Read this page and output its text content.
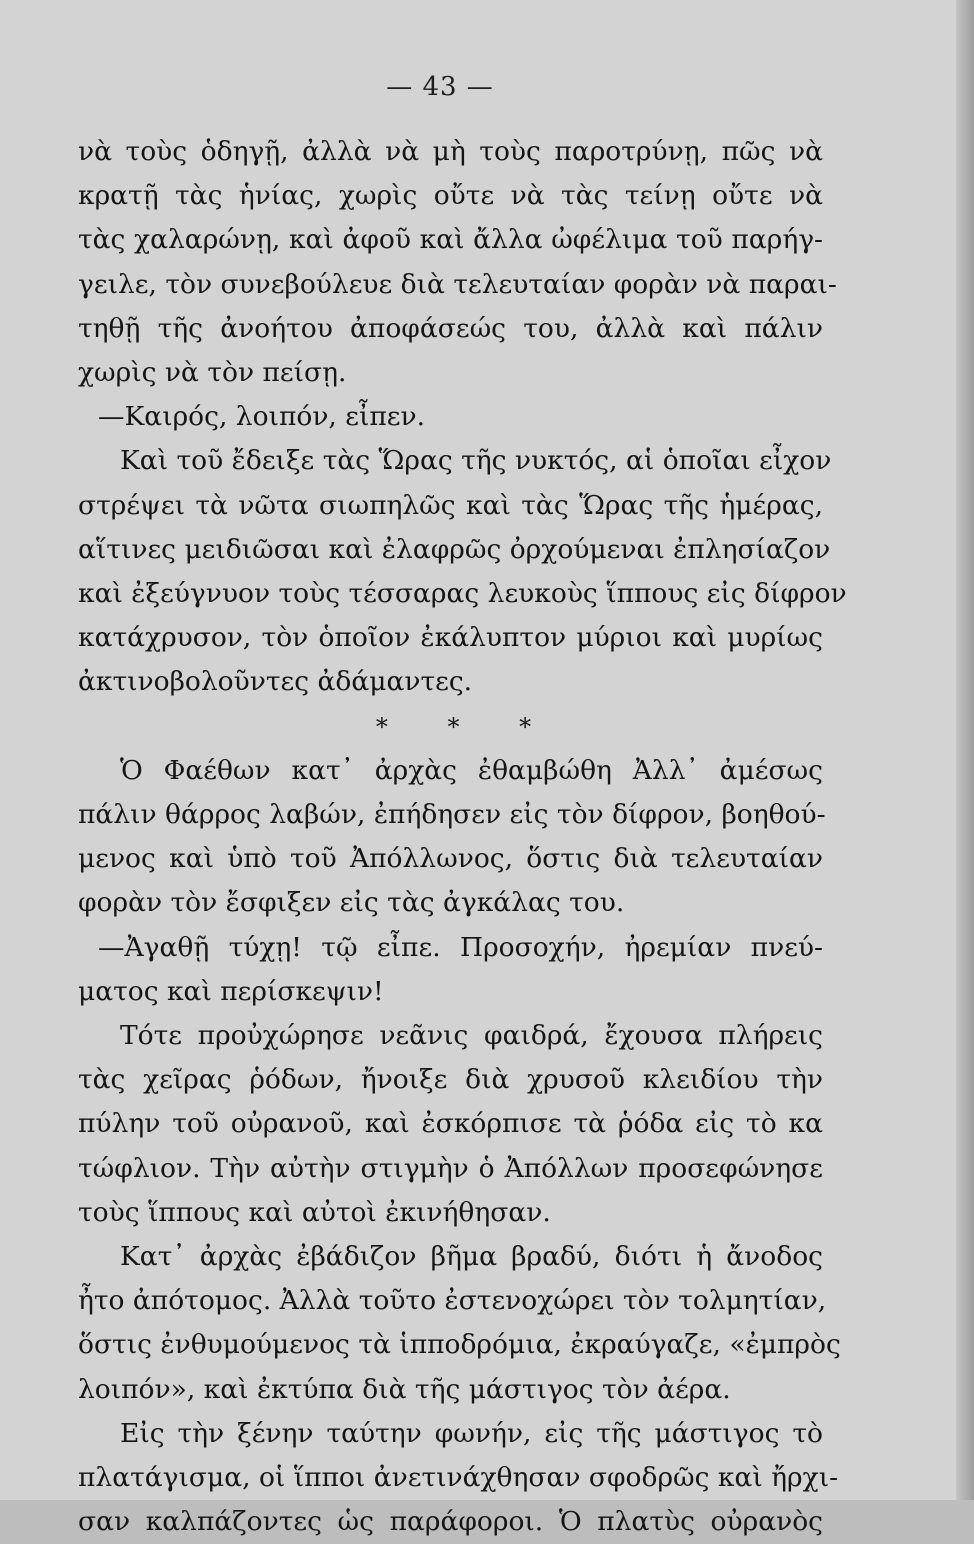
— 43 —
νὰ τοὺς ὁδηγῇ, ἀλλὰ νὰ μὴ τοὺς παροτρύνῃ, πῶς νὰ
κρατῇ τὰς ἡνίας, χωρὶς οὔτε νὰ τὰς τείνῃ οὔτε νὰ
τὰς χαλαρώνῃ, καὶ ἀφοῦ καὶ ἄλλα ὠφέλιμα τοῦ παρήγ-
γειλε, τὸν συνεβούλευε διὰ τελευταίαν φορὰν νὰ παραι-
τηθῇ τῆς ἀνοήτου ἀποφάσεώς του, ἀλλὰ καὶ πάλιν
χωρὶς νὰ τὸν πείσῃ.
—Καιρός, λοιπόν, εἶπεν.
Καὶ τοῦ ἔδειξε τὰς Ὥρας τῆς νυκτός, αἱ ὁποῖαι εἶχον
στρέψει τὰ νῶτα σιωπηλῶς καὶ τὰς Ὥρας τῆς ἡμέρας,
αἵτινες μειδιῶσαι καὶ ἐλαφρῶς ὀρχούμεναι ἐπλησίαζον
καὶ ἐξεύγνυον τοὺς τέσσαρας λευκοὺς ἵππους εἰς δίφρον
κατάχρυσον, τὸν ὁποῖον ἐκάλυπτον μύριοι καὶ μυρίως
ἀκτινοβολοῦντες ἀδάμαντες.
* * *
Ὁ Φαέθων κατ᾽ ἀρχὰς ἐθαμβώθη Ἀλλ᾽ ἀμέσως
πάλιν θάρρος λαβών, ἐπήδησεν εἰς τὸν δίφρον, βοηθού-
μενος καὶ ὑπὸ τοῦ Ἀπόλλωνος, ὅστις διὰ τελευταίαν
φορὰν τὸν ἔσφιξεν εἰς τὰς ἀγκάλας του.
—Ἀγαθῇ τύχῃ! τῷ εἶπε. Προσοχήν, ἠρεμίαν πνεύ-
ματος καὶ περίσκεψιν!
Τότε προὐχώρησε νεᾶνις φαιδρά, ἔχουσα πλήρεις
τὰς χεῖρας ῥόδων, ἤνοιξε διὰ χρυσοῦ κλειδίου τὴν
πύλην τοῦ οὐρανοῦ, καὶ ἐσκόρπισε τὰ ῥόδα εἰς τὸ κα
τώφλιον. Τὴν αὐτὴν στιγμὴν ὁ Ἀπόλλων προσεφώνησε
τοὺς ἵππους καὶ αὐτοὶ ἐκινήθησαν.
Κατ᾽ ἀρχὰς ἐβάδιζον βῆμα βραδύ, διότι ἡ ἄνοδος
ἦτο ἀπότομος. Ἀλλὰ τοῦτο ἐστενοχώρει τὸν τολμητίαν,
ὅστις ἐνθυμούμενος τὰ ἱπποδρόμια, ἐκραύγαζε, «ἐμπρὸς
λοιπόν», καὶ ἐκτύπα διὰ τῆς μάστιγος τὸν ἀέρα.
Εἰς τὴν ξένην ταύτην φωνήν, εἰς τῆς μάστιγος τὸ
πλατάγισμα, οἱ ἵπποι ἀνετινάχθησαν σφοδρῶς καὶ ἤρχι-
σαν καλπάζοντες ὡς παράφοροι. Ὁ πλατὺς οὐρανὸς
